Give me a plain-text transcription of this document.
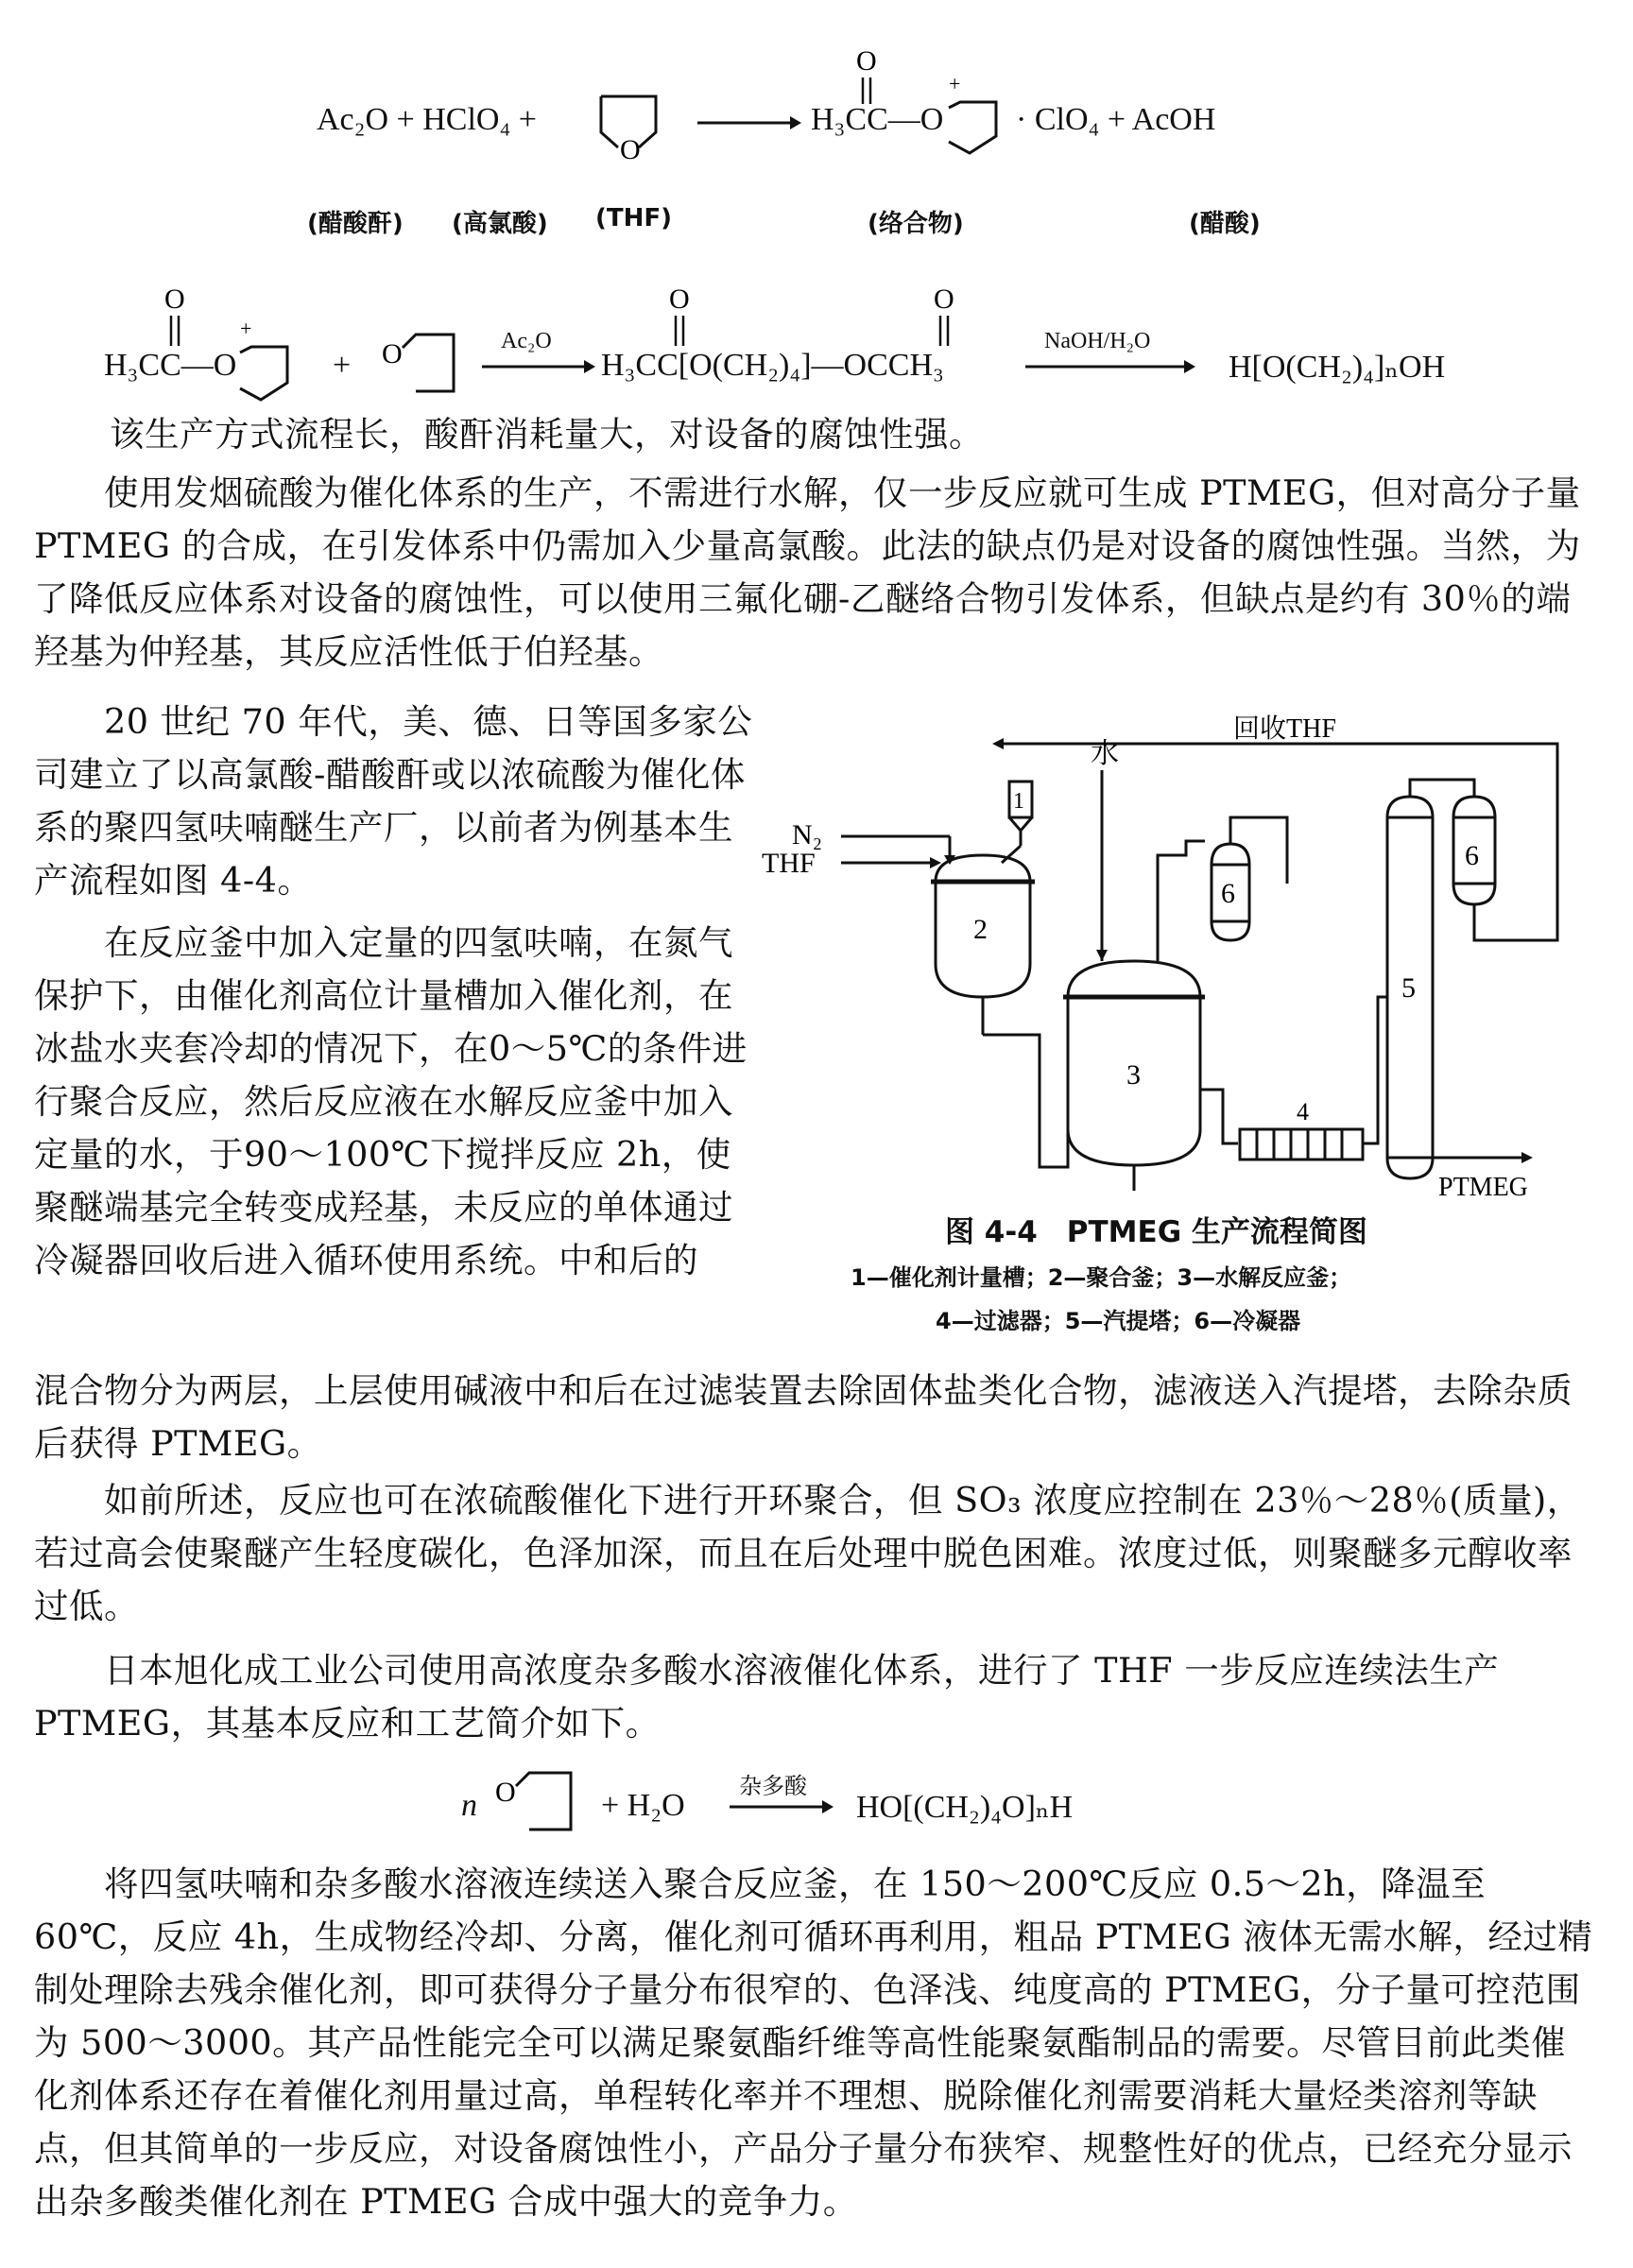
Ac₂O + HClO₄ +
O
H₃CC—O
O
+
· ClO₄ + AcOH
(醋酸酐) (高氯酸) (THF)	(络合物)	(醋酸)
H₃CC—O
O
+
+ O	Ac₂O
H₃CC[O(CH₂)₄]—OCCH₃
O	O
NaOH/H₂O
H[O(CH₂)₄]ₙOH

该生产方式流程长，酸酐消耗量大，对设备的腐蚀性强。

使用发烟硫酸为催化体系的生产，不需进行水解，仅一步反应就可生成 PTMEG，但对高分子量 PTMEG 的合成，在引发体系中仍需加入少量高氯酸。此法的缺点仍是对设备的腐蚀性强。当然，为了降低反应体系对设备的腐蚀性，可以使用三氟化硼-乙醚络合物引发体系，但缺点是约有 30％的端羟基为仲羟基，其反应活性低于伯羟基。

20 世纪 70 年代，美、德、日等国多家公司建立了以高氯酸-醋酸酐或以浓硫酸为催化体系的聚四氢呋喃醚生产厂，以前者为例基本生产流程如图 4-4。

在反应釜中加入定量的四氢呋喃，在氮气保护下，由催化剂高位计量槽加入催化剂，在冰盐水夹套冷却的情况下，在0～5℃的条件进行聚合反应，然后反应液在水解反应釜中加入定量的水，于90～100℃下搅拌反应 2h，使聚醚端基完全转变成羟基，未反应的单体通过冷凝器回收后进入循环使用系统。中和后的

N₂
THF
水
回收THF
PTMEG
1
2
3
4
5
6
6
图 4-4　PTMEG 生产流程简图
1—催化剂计量槽；2—聚合釜；3—水解反应釜；
4—过滤器；5—汽提塔；6—冷凝器

混合物分为两层，上层使用碱液中和后在过滤装置去除固体盐类化合物，滤液送入汽提塔，去除杂质后获得 PTMEG。

如前所述，反应也可在浓硫酸催化下进行开环聚合，但 SO₃ 浓度应控制在 23％～28％(质量)，若过高会使聚醚产生轻度碳化，色泽加深，而且在后处理中脱色困难。浓度过低，则聚醚多元醇收率过低。

日本旭化成工业公司使用高浓度杂多酸水溶液催化体系，进行了 THF 一步反应连续法生产 PTMEG，其基本反应和工艺简介如下。

n O	+ H₂O
杂多酸
HO[(CH₂)₄O]ₙH

将四氢呋喃和杂多酸水溶液连续送入聚合反应釜，在 150～200℃反应 0.5～2h，降温至60℃，反应 4h，生成物经冷却、分离，催化剂可循环再利用，粗品 PTMEG 液体无需水解，经过精制处理除去残余催化剂，即可获得分子量分布很窄的、色泽浅、纯度高的 PTMEG，分子量可控范围为 500～3000。其产品性能完全可以满足聚氨酯纤维等高性能聚氨酯制品的需要。尽管目前此类催化剂体系还存在着催化剂用量过高，单程转化率并不理想、脱除催化剂需要消耗大量烃类溶剂等缺点，但其简单的一步反应，对设备腐蚀性小，产品分子量分布狭窄、规整性好的优点，已经充分显示出杂多酸类催化剂在 PTMEG 合成中强大的竞争力。
